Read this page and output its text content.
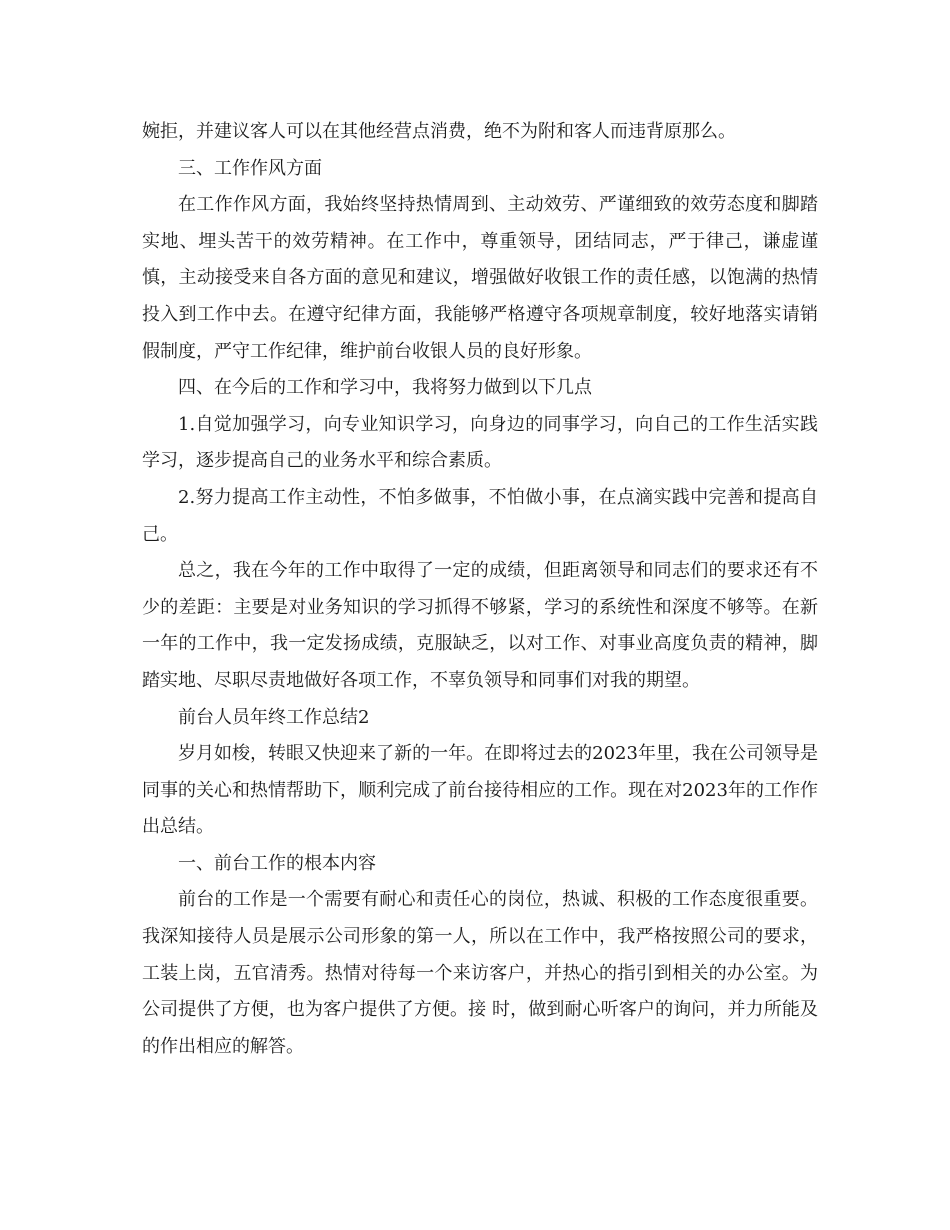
婉拒，并建议客人可以在其他经营点消费，绝不为附和客人而违背原那么。

三、工作作风方面

在工作作风方面，我始终坚持热情周到、主动效劳、严谨细致的效劳态度和脚踏实地、埋头苦干的效劳精神。在工作中，尊重领导，团结同志，严于律己，谦虚谨慎，主动接受来自各方面的意见和建议，增强做好收银工作的责任感，以饱满的热情投入到工作中去。在遵守纪律方面，我能够严格遵守各项规章制度，较好地落实请销假制度，严守工作纪律，维护前台收银人员的良好形象。

四、在今后的工作和学习中，我将努力做到以下几点

1.自觉加强学习，向专业知识学习，向身边的同事学习，向自己的工作生活实践学习，逐步提高自己的业务水平和综合素质。

2.努力提高工作主动性，不怕多做事，不怕做小事，在点滴实践中完善和提高自己。

总之，我在今年的工作中取得了一定的成绩，但距离领导和同志们的要求还有不少的差距：主要是对业务知识的学习抓得不够紧，学习的系统性和深度不够等。在新一年的工作中，我一定发扬成绩，克服缺乏，以对工作、对事业高度负责的精神，脚踏实地、尽职尽责地做好各项工作，不辜负领导和同事们对我的期望。

前台人员年终工作总结2

岁月如梭，转眼又快迎来了新的一年。在即将过去的2023年里，我在公司领导是同事的关心和热情帮助下，顺利完成了前台接待相应的工作。现在对2023年的工作作出总结。

一、前台工作的根本内容

前台的工作是一个需要有耐心和责任心的岗位，热诚、积极的工作态度很重要。我深知接待人员是展示公司形象的第一人，所以在工作中，我严格按照公司的要求，工装上岗，五官清秀。热情对待每一个来访客户，并热心的指引到相关的办公室。为公司提供了方便，也为客户提供了方便。接 时，做到耐心听客户的询问，并力所能及的作出相应的解答。
